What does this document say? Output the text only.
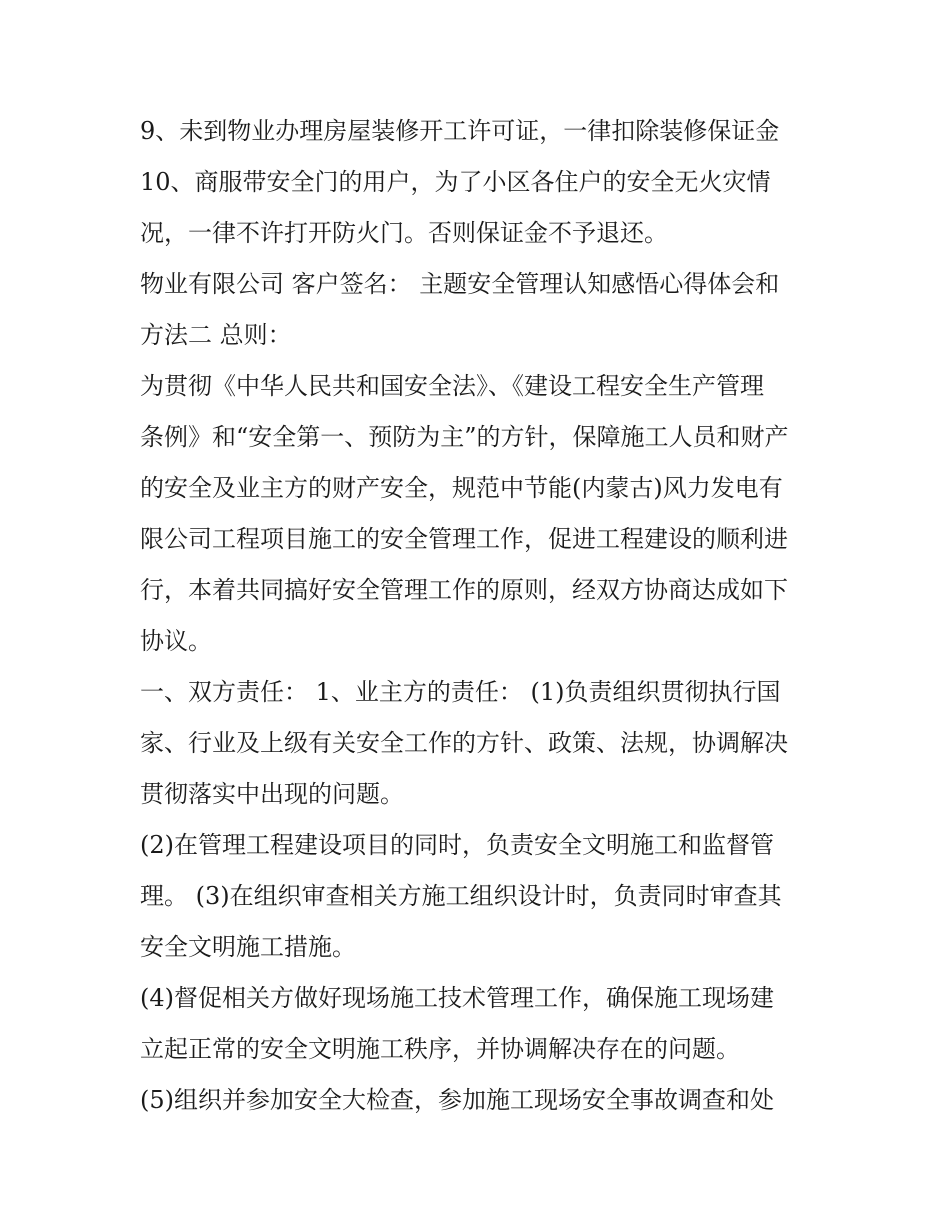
9、未到物业办理房屋装修开工许可证，一律扣除装修保证金
10、商服带安全门的用户，为了小区各住户的安全无火灾情
况，一律不许打开防火门。否则保证金不予退还。
物业有限公司 客户签名： 主题安全管理认知感悟心得体会和
方法二 总则：
为贯彻《中华人民共和国安全法》、《建设工程安全生产管理
条例》和“安全第一、预防为主”的方针，保障施工人员和财产
的安全及业主方的财产安全，规范中节能(内蒙古)风力发电有
限公司工程项目施工的安全管理工作，促进工程建设的顺利进
行，本着共同搞好安全管理工作的原则，经双方协商达成如下
协议。
一、双方责任： 1、业主方的责任： (1)负责组织贯彻执行国
家、行业及上级有关安全工作的方针、政策、法规，协调解决
贯彻落实中出现的问题。
(2)在管理工程建设项目的同时，负责安全文明施工和监督管
理。 (3)在组织审查相关方施工组织设计时，负责同时审查其
安全文明施工措施。
(4)督促相关方做好现场施工技术管理工作，确保施工现场建
立起正常的安全文明施工秩序，并协调解决存在的问题。
(5)组织并参加安全大检查，参加施工现场安全事故调查和处
